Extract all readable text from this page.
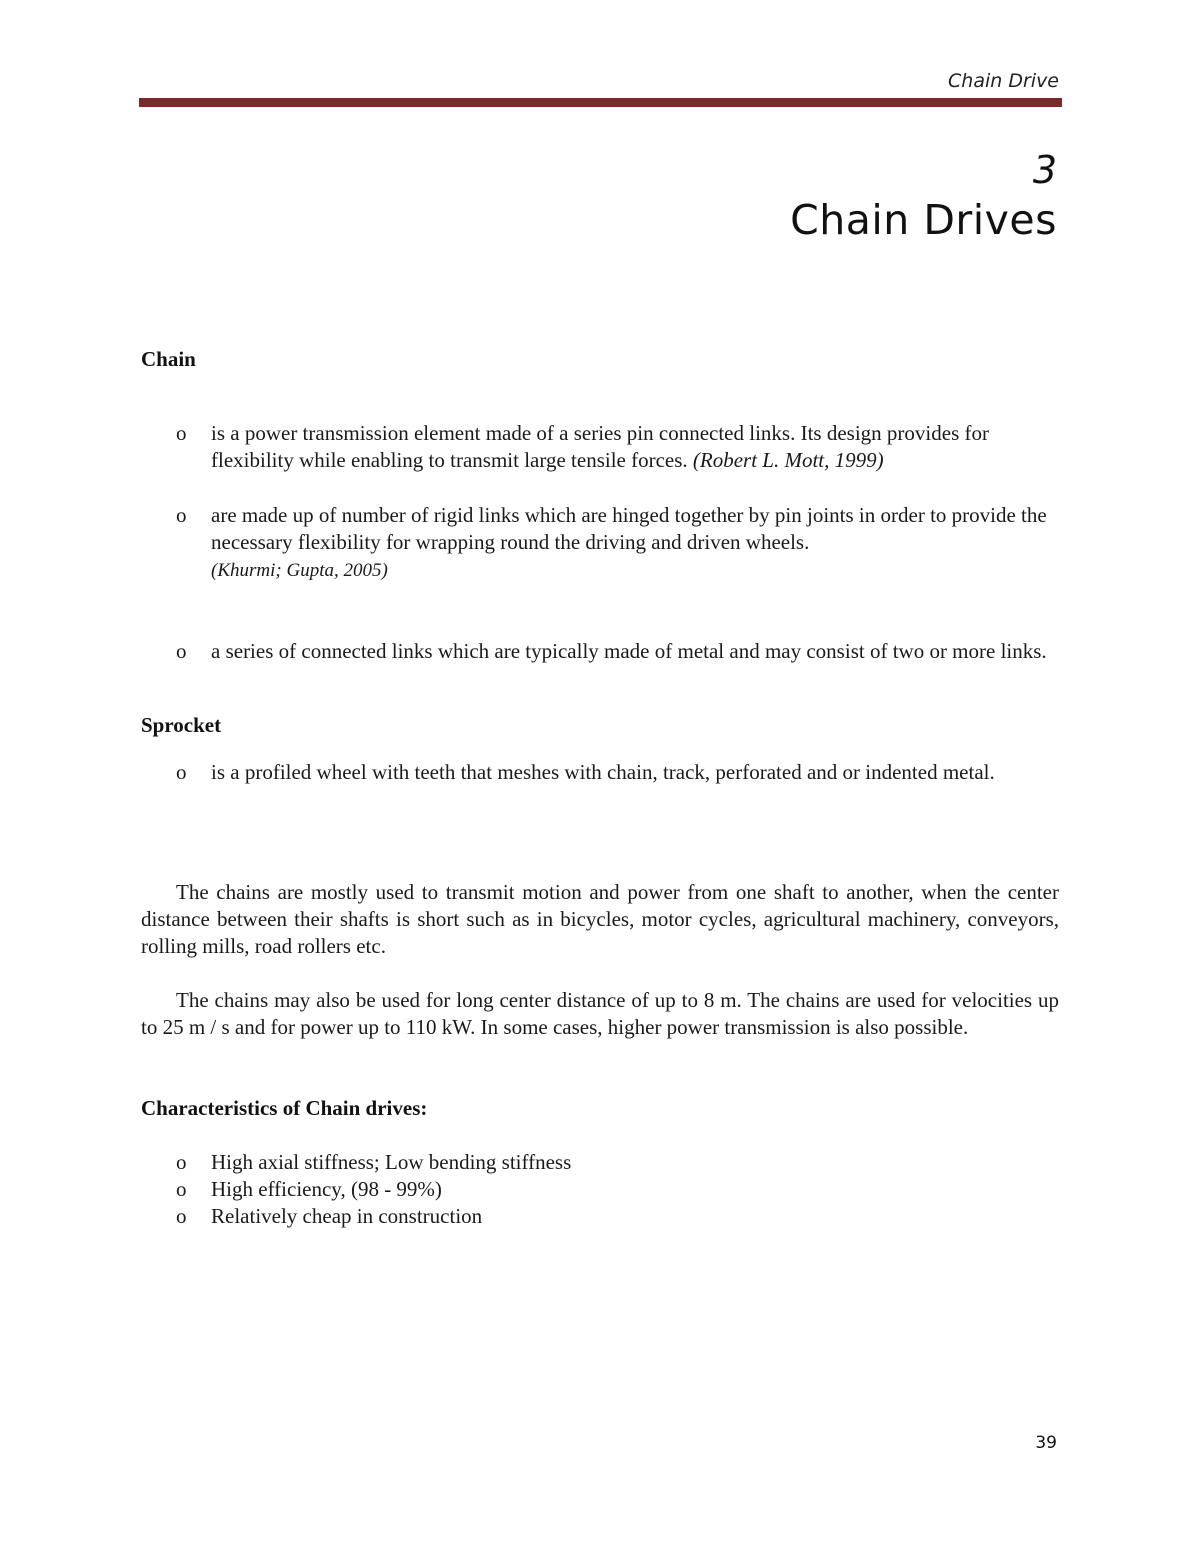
Chain Drive
3
Chain Drives
Chain
o is a power transmission element made of a series pin connected links. Its design provides for flexibility while enabling to transmit large tensile forces. (Robert L. Mott, 1999)
o are made up of number of rigid links which are hinged together by pin joints in order to provide the necessary flexibility for wrapping round the driving and driven wheels.
(Khurmi; Gupta, 2005)
o a series of connected links which are typically made of metal and may consist of two or more links.
Sprocket
o is a profiled wheel with teeth that meshes with chain, track, perforated and or indented metal.
The chains are mostly used to transmit motion and power from one shaft to another, when the center distance between their shafts is short such as in bicycles, motor cycles, agricultural machinery, conveyors, rolling mills, road rollers etc.
The chains may also be used for long center distance of up to 8 m. The chains are used for velocities up to 25 m / s and for power up to 110 kW. In some cases, higher power transmission is also possible.
Characteristics of Chain drives:
o High axial stiffness; Low bending stiffness
o High efficiency, (98 - 99%)
o Relatively cheap in construction
39
